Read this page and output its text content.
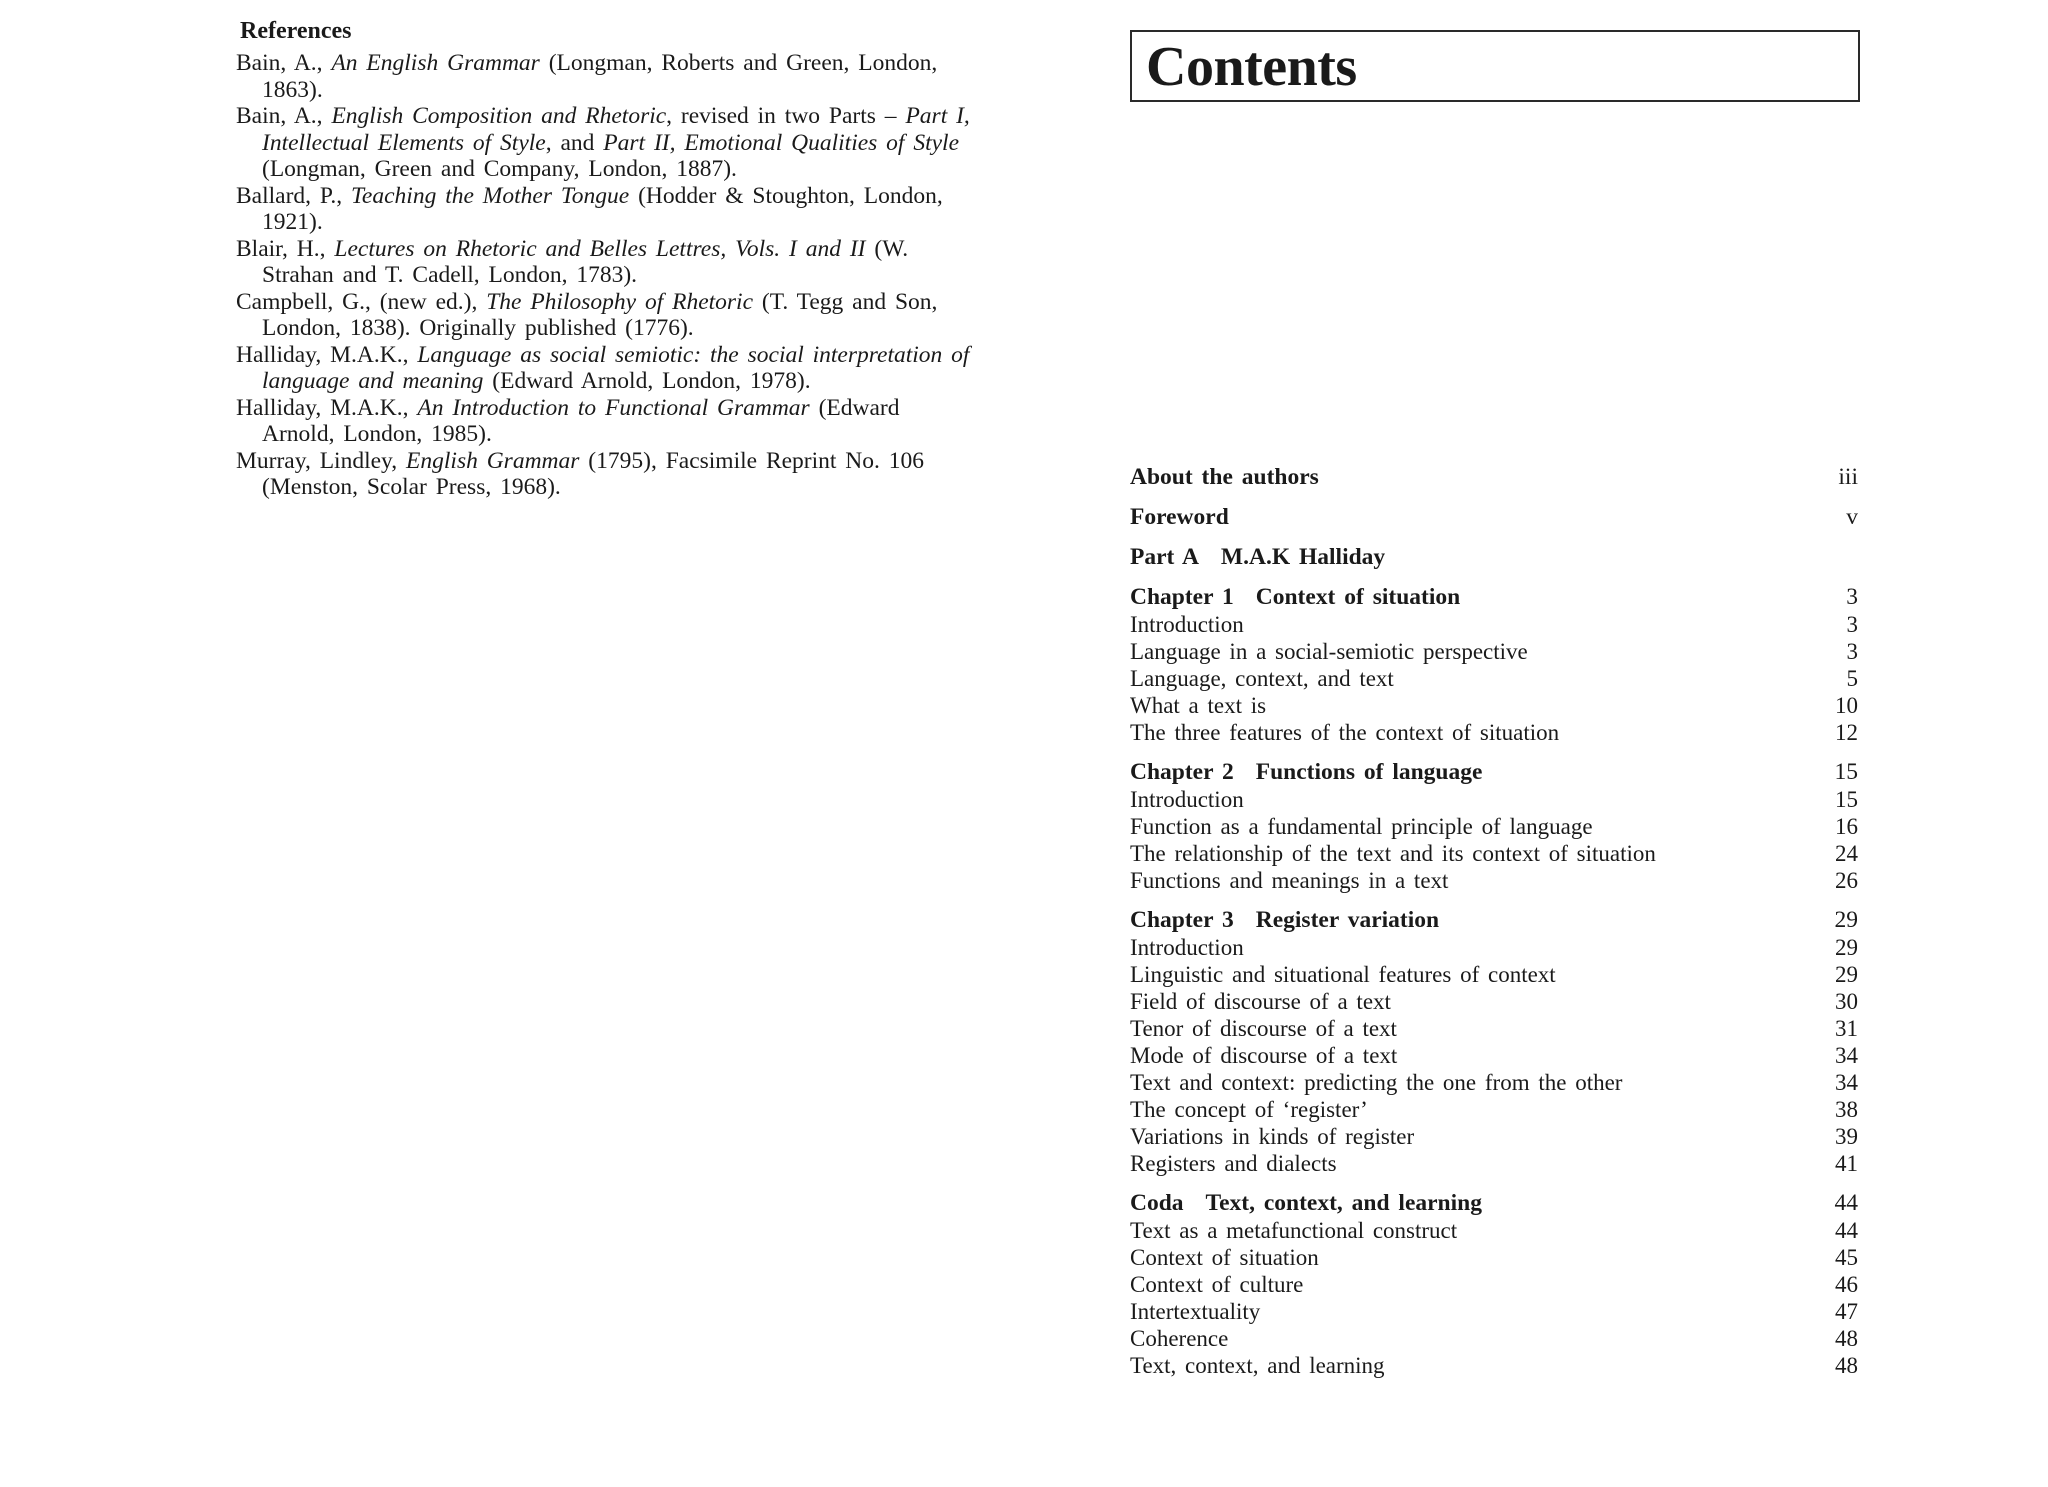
References

Bain, A., An English Grammar (Longman, Roberts and Green, London, 1863).

Bain, A., English Composition and Rhetoric, revised in two Parts – Part I, Intellectual Elements of Style, and Part II, Emotional Qualities of Style (Longman, Green and Company, London, 1887).

Ballard, P., Teaching the Mother Tongue (Hodder & Stoughton, London, 1921).

Blair, H., Lectures on Rhetoric and Belles Lettres, Vols. I and II (W. Strahan and T. Cadell, London, 1783).

Campbell, G., (new ed.), The Philosophy of Rhetoric (T. Tegg and Son, London, 1838). Originally published (1776).

Halliday, M.A.K., Language as social semiotic: the social interpretation of language and meaning (Edward Arnold, London, 1978).

Halliday, M.A.K., An Introduction to Functional Grammar (Edward Arnold, London, 1985).

Murray, Lindley, English Grammar (1795), Facsimile Reprint No. 106 (Menston, Scolar Press, 1968).

Contents
About the authors	iii
Foreword	v
Part A M.A.K Halliday
Chapter 1 Context of situation	3
Introduction	3
Language in a social-semiotic perspective	3
Language, context, and text	5
What a text is	10
The three features of the context of situation	12
Chapter 2 Functions of language	15
Introduction	15
Function as a fundamental principle of language	16
The relationship of the text and its context of situation	24
Functions and meanings in a text	26
Chapter 3 Register variation	29
Introduction	29
Linguistic and situational features of context	29
Field of discourse of a text	30
Tenor of discourse of a text	31
Mode of discourse of a text	34
Text and context: predicting the one from the other	34
The concept of ‘register’	38
Variations in kinds of register	39
Registers and dialects	41
Coda Text, context, and learning	44
Text as a metafunctional construct	44
Context of situation	45
Context of culture	46
Intertextuality	47
Coherence	48
Text, context, and learning	48
